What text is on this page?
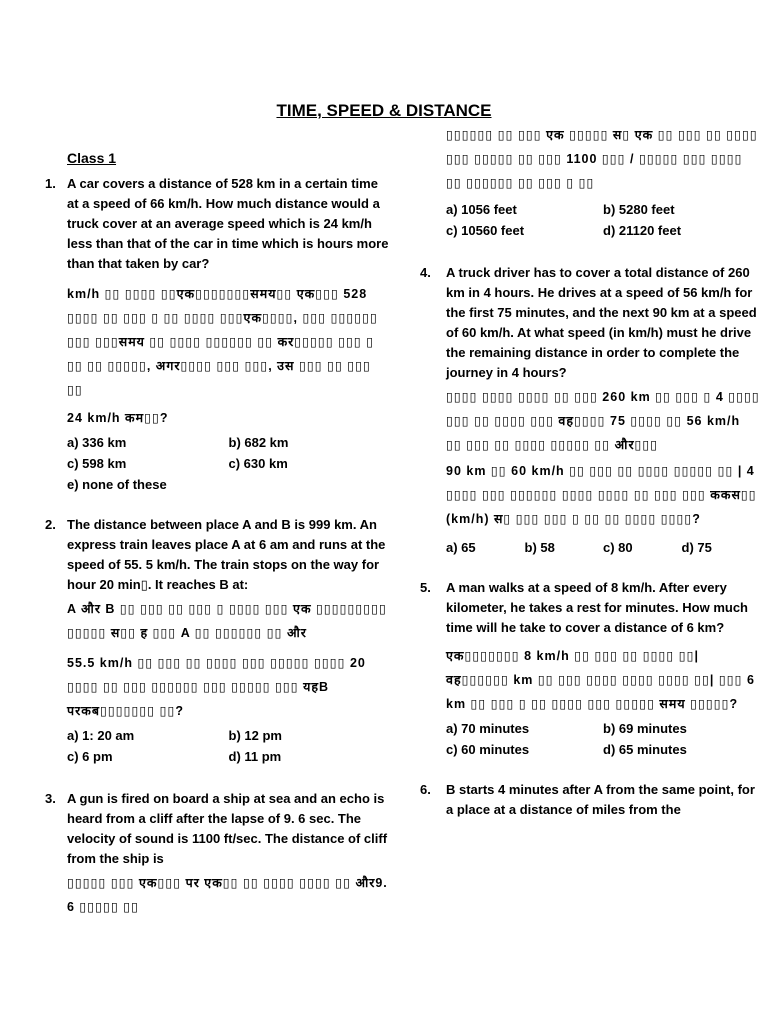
TIME, SPEED & DISTANCE
Class 1
1. A car covers a distance of 528 km in a certain time at a speed of 66 km/h. How much distance would a truck cover at an average speed which is 24 km/h less than that of the car in time which is hours more than that taken by car?
km/h ▯▯ ▯▯▯▯ ▯▯एक▯▯▯▯▯▯▯समय▯▯ एक▯▯▯ 528 ▯▯▯▯ ▯▯ ▯▯▯ ▯ ▯▯ ▯▯▯▯ ▯▯▯एक▯▯▯▯, ▯▯▯ ▯▯▯▯▯▯ ▯▯▯ ▯▯▯समय ▯▯ ▯▯▯▯ ▯▯▯▯▯▯ ▯▯ कर▯▯▯▯▯ ▯▯▯ ▯ ▯▯ ▯▯ ▯▯▯▯▯, अगर▯▯▯▯ ▯▯▯ ▯▯▯, उस ▯▯▯ ▯▯ ▯▯▯ ▯▯
24 km/h कम▯▯?
a) 336 km	b) 682 km
c) 598 km	c) 630 km
e) none of these
2. The distance between place A and B is 999 km. An express train leaves place A at 6 am and runs at the speed of 55. 5 km/h. The train stops on the way for hour 20 min▯. It reaches B at:
A और B ▯▯ ▯▯▯ ▯▯ ▯▯▯ ▯ ▯▯▯▯ ▯▯▯ एक ▯▯▯▯▯▯▯▯▯ ▯▯▯▯▯ स▯▯ ह ▯▯▯ A ▯▯ ▯▯▯▯▯▯ ▯▯ और
55.5 km/h ▯▯ ▯▯▯ ▯▯ ▯▯▯▯ ▯▯▯ ▯▯▯▯▯ ▯▯▯▯ 20 ▯▯▯▯ ▯▯ ▯▯▯ ▯▯▯▯▯▯ ▯▯▯ ▯▯▯▯▯ ▯▯▯ यहB परकब▯▯▯▯▯▯▯ ▯▯?
a) 1: 20 am	b) 12 pm
c) 6 pm	d) 11 pm
3. A gun is fired on board a ship at sea and an echo is heard from a cliff after the lapse of 9. 6 sec. The velocity of sound is 1100 ft/sec. The distance of cliff from the ship is
▯▯▯▯▯ ▯▯▯ एक▯▯▯ पर एक▯▯ ▯▯ ▯▯▯▯ ▯▯▯▯ ▯▯ और9. 6 ▯▯▯▯▯ ▯▯
▯▯▯▯▯▯ ▯▯ ▯▯▯ एक ▯▯▯▯▯ स▯ एक ▯▯ ▯▯▯ ▯▯ ▯▯▯▯ ▯▯▯ ▯▯▯▯▯ ▯▯ ▯▯▯ 1100 ▯▯▯ / ▯▯▯▯▯ ▯▯▯ ▯▯▯▯ ▯▯ ▯▯▯▯▯▯ ▯▯ ▯▯▯ ▯ ▯▯
a) 1056 feet	b) 5280 feet
c) 10560 feet	d) 21120 feet
4. A truck driver has to cover a total distance of 260 km in 4 hours. He drives at a speed of 56 km/h for the first 75 minutes, and the next 90 km at a speed of 60 km/h. At what speed (in km/h) must he drive the remaining distance in order to complete the journey in 4 hours?
▯▯▯▯ ▯▯▯▯ ▯▯▯▯ ▯▯ ▯▯▯ 260 km ▯▯ ▯▯▯ ▯ 4 ▯▯▯▯ ▯▯▯ ▯▯ ▯▯▯▯ ▯▯▯ वह▯▯▯▯ 75 ▯▯▯▯ ▯▯ 56 km/h ▯▯ ▯▯▯ ▯▯ ▯▯▯▯ ▯▯▯▯▯ ▯▯ और▯▯▯
90 km ▯▯ 60 km/h ▯▯ ▯▯▯ ▯▯ ▯▯▯▯ ▯▯▯▯▯ ▯▯ | 4 ▯▯▯▯ ▯▯▯ ▯▯▯▯▯▯ ▯▯▯▯ ▯▯▯▯ ▯▯ ▯▯▯ ▯▯▯ ककस▯▯ (km/h) स▯ ▯▯▯ ▯▯▯ ▯ ▯▯ ▯▯ ▯▯▯▯ ▯▯▯▯?
a) 65	b) 58	c) 80	d) 75
5. A man walks at a speed of 8 km/h. After every kilometer, he takes a rest for minutes. How much time will he take to cover a distance of 6 km?
एक▯▯▯▯▯▯▯ 8 km/h ▯▯ ▯▯▯ ▯▯ ▯▯▯▯ ▯▯| वह▯▯▯▯▯▯ km ▯▯ ▯▯▯ ▯▯▯▯ ▯▯▯▯ ▯▯▯▯ ▯▯| ▯▯▯ 6 km ▯▯ ▯▯▯ ▯ ▯▯ ▯▯▯▯ ▯▯▯ ▯▯▯▯▯ समय ▯▯▯▯▯?
a) 70 minutes	b) 69 minutes
c) 60 minutes	d) 65 minutes
6. B starts 4 minutes after A from the same point, for a place at a distance of miles from the
